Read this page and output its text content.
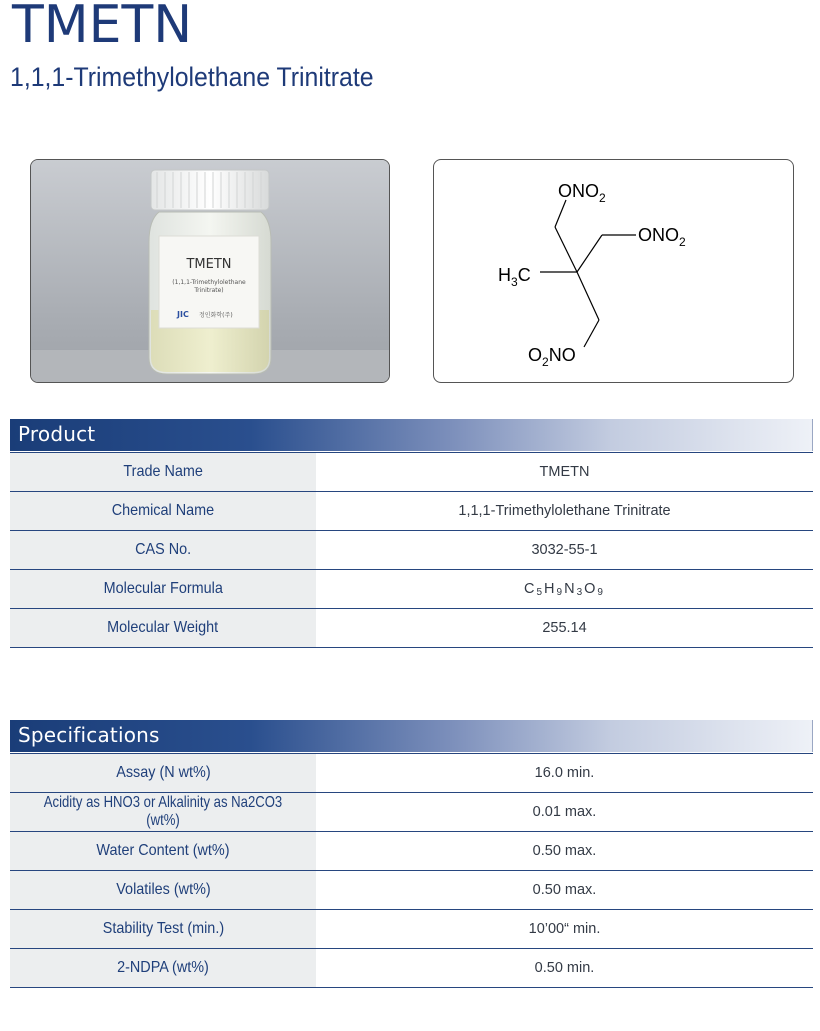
TMETN
1,1,1-Trimethylolethane Trinitrate
TMETN
(1,1,1-Trimethylolethane
Trinitrate)
JIC 정인화학(주)
$ONO_2$
$ONO_2$
$H_3C$
$O_2NO$
Product
Trade Name	TMETN
Chemical Name	1,1,1-Trimethylolethane Trinitrate
CAS No.	3032-55-1
Molecular Formula	$C_5H_9N_3O_9$
Molecular Weight	255.14
Specifications
Assay (N wt%)	16.0 min.
Acidity as HNO3 or Alkalinity as Na2CO3 (wt%)	0.01 max.
Water Content (wt%)	0.50 max.
Volatiles (wt%)	0.50 max.
Stability Test (min.)	10’00“ min.
2-NDPA (wt%)	0.50 min.
